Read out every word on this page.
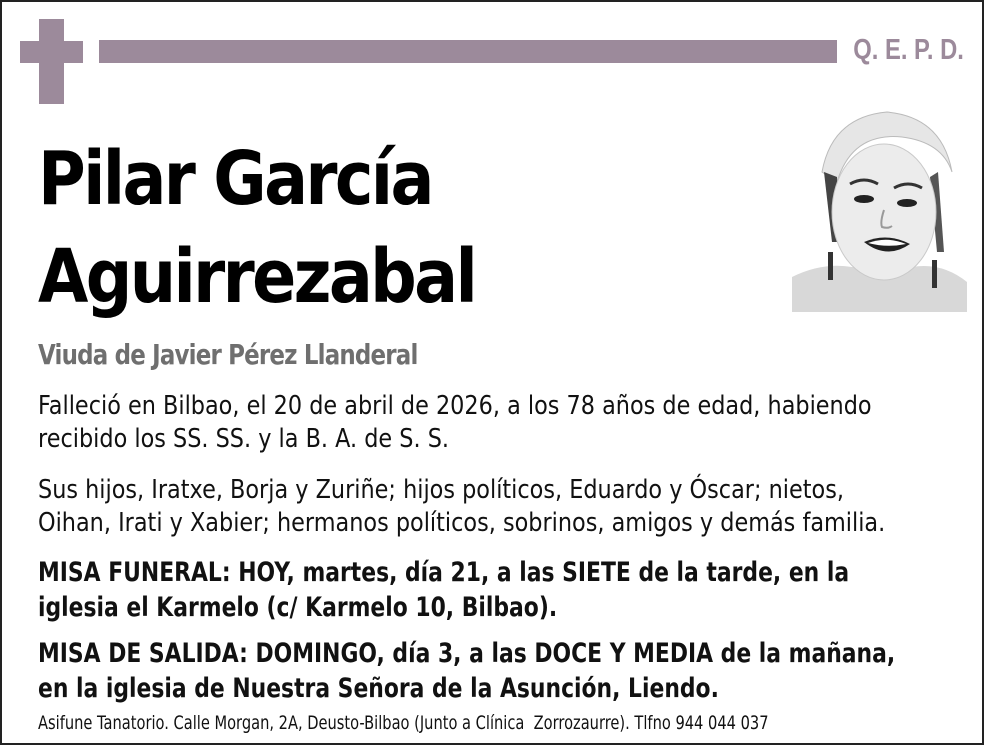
Q. E. P. D.
Pilar García
Aguirrezabal
Viuda de Javier Pérez Llanderal
Falleció en Bilbao, el 20 de abril de 2026, a los 78 años de edad, habiendo
recibido los SS. SS. y la B. A. de S. S.
Sus hijos, Iratxe, Borja y Zuriñe; hijos políticos, Eduardo y Óscar; nietos,
Oihan, Irati y Xabier; hermanos políticos, sobrinos, amigos y demás familia.
MISA FUNERAL: HOY, martes, día 21, a las SIETE de la tarde, en la
iglesia el Karmelo (c/ Karmelo 10, Bilbao).
MISA DE SALIDA: DOMINGO, día 3, a las DOCE Y MEDIA de la mañana,
en la iglesia de Nuestra Señora de la Asunción, Liendo.
Asifune Tanatorio. Calle Morgan, 2A, Deusto-Bilbao (Junto a Clínica  Zorrozaurre). Tlfno 944 044 037
